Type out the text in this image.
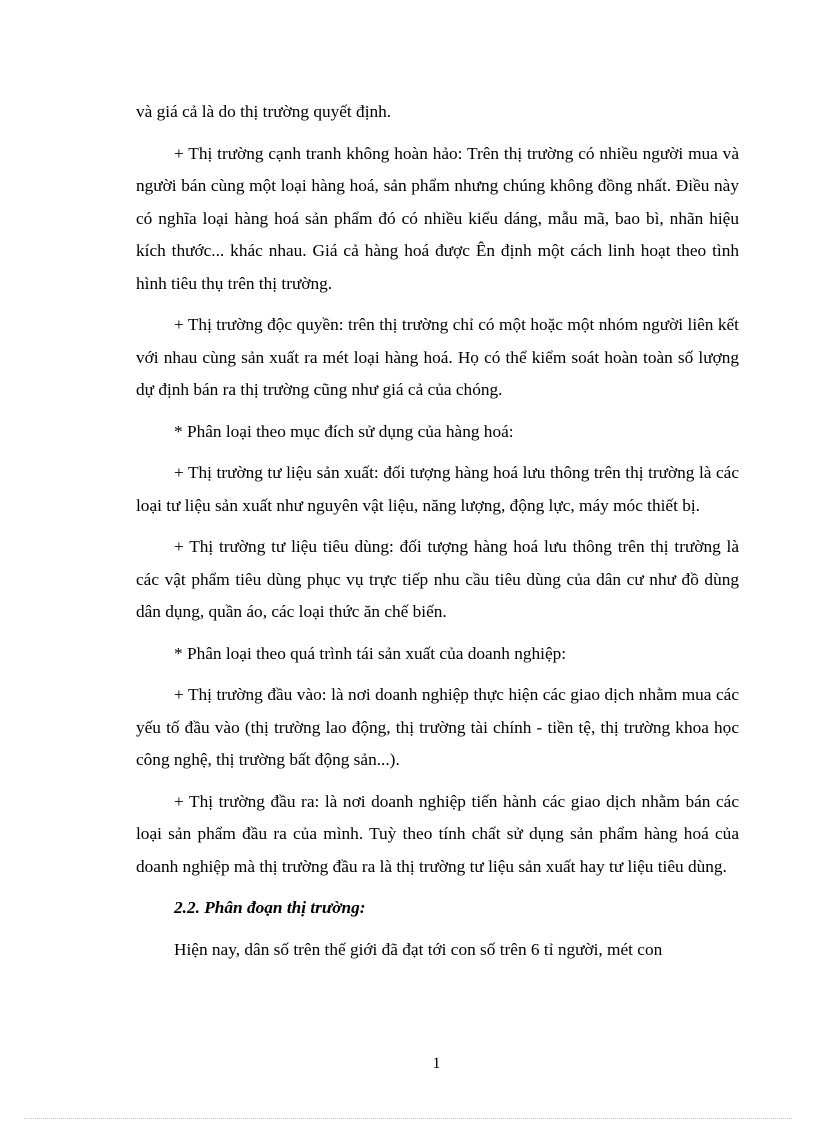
và giá cả là do thị trường quyết định.

+ Thị trường cạnh tranh không hoàn hảo: Trên thị trường có nhiều người mua và người bán cùng một loại hàng hoá, sản phẩm nhưng chúng không đồng nhất. Điều này có nghĩa loại hàng hoá sản phẩm đó có nhiều kiểu dáng, mẫu mã, bao bì, nhãn hiệu kích thước... khác nhau. Giá cả hàng hoá được Ên định một cách linh hoạt theo tình hình tiêu thụ trên thị trường.

+ Thị trường độc quyền: trên thị trường chỉ có một hoặc một nhóm người liên kết với nhau cùng sản xuất ra mét loại hàng hoá. Họ có thể kiểm soát hoàn toàn số lượng dự định bán ra thị trường cũng như giá cả của chóng.

* Phân loại theo mục đích sử dụng của hàng hoá:

+ Thị trường tư liệu sản xuất: đối tượng hàng hoá lưu thông trên thị trường là các loại tư liệu sản xuất như nguyên vật liệu, năng lượng, động lực, máy móc thiết bị.

+ Thị trường tư liệu tiêu dùng: đối tượng hàng hoá lưu thông trên thị trường là các vật phẩm tiêu dùng phục vụ trực tiếp nhu cầu tiêu dùng của dân cư như đồ dùng dân dụng, quần áo, các loại thức ăn chế biến.

* Phân loại theo quá trình tái sản xuất của doanh nghiệp:

+ Thị trường đầu vào: là nơi doanh nghiệp thực hiện các giao dịch nhằm mua các yếu tố đầu vào (thị trường lao động, thị trường tài chính - tiền tệ, thị trường khoa học công nghệ, thị trường bất động sản...).

+ Thị trường đầu ra: là nơi doanh nghiệp tiến hành các giao dịch nhằm bán các loại sản phẩm đầu ra của mình. Tuỳ theo tính chất sử dụng sản phẩm hàng hoá của doanh nghiệp mà thị trường đầu ra là thị trường tư liệu sản xuất hay tư liệu tiêu dùng.

2.2. Phân đoạn thị trường:

Hiện nay, dân số trên thế giới đã đạt tới con số trên 6 tỉ người, mét con

1
